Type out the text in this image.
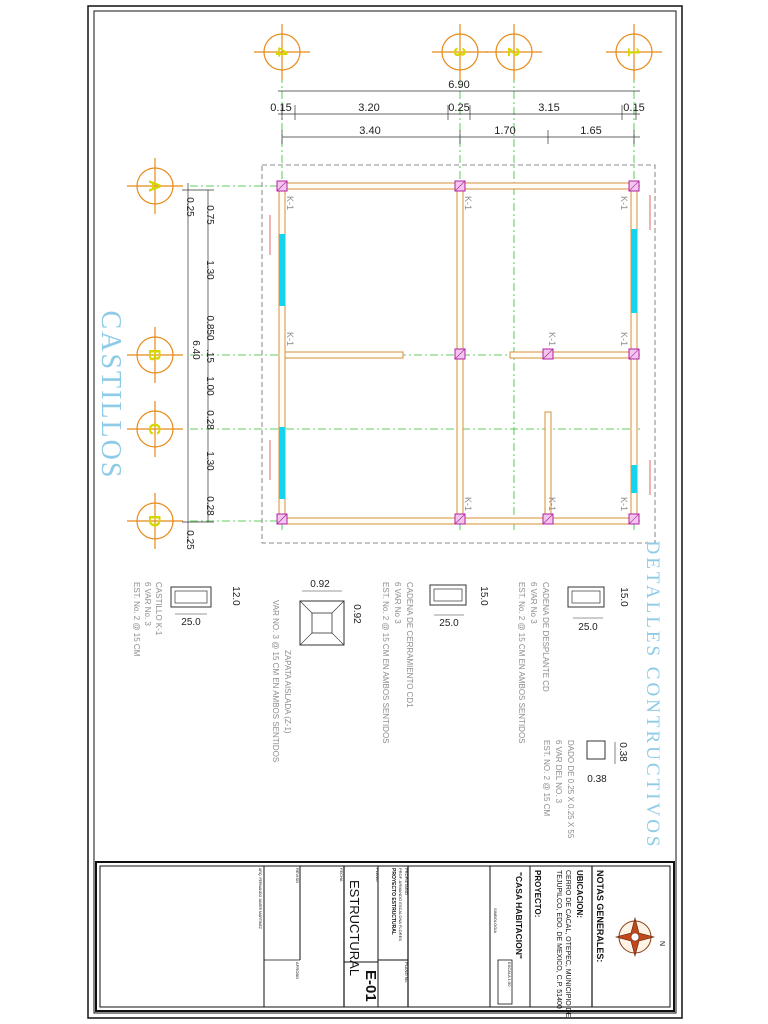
K-1	K-1	K-1
K-1	K-1	K-1
K-1	K-1	K-1
4	3 2	1
A
B
C
D
6.90
0.15	3.20	0.25	3.15	0.15
3.40	1.70	1.65
0.25
6.40
0.25
0.75
1.30
0.850
.15
1.00
0.28
1.30
0.28
CASTILLOS
DETALLES CONTRUCTIVOS
25.0
15.0
CADENA DE DESPLANTE CD
6 VAR No 3
EST. No. 2 @ 15 CM EN AMBOS SENTIDOS
25.0
15.0
CADENA DE CERRAMIENTO CD1
6 VAR No 3
EST. No. 2 @ 15 CM EN AMBOS SENTIDOS
0.92
0.92
ZAPATA AISLADA (Z-1)
VAR NO. 3 @ 15 CM EN AMBOS SENTIDOS
25.0
12.0
CASTILLO K-1
6 VAR No. 3
EST. No. 2 @ 15 CM
0.38
0.38
DADO DE 0.25 X 0.25 X 55
6 VAR DEL NO. 3
EST. NO. 2 @ 15 CM
N
NOTAS GENERALES:
UBICACION:
CERRO DE CACAL, OTEPEC, MUNICIPIO DE
TEJUPILCO, EDO. DE MEXICO, C.P. 51400
PROYECTO:
"CASA HABITACION"
SIMBOLOGIA
ESCALA 1:50
PROPIETARIO
PROF. ARMANDO ESCALONA FLORES
PROYECTO ESTRUCTURAL
PLANO No.
E-01
PLANO
ESTRUCTURAL
FECHA
REVISO
APROBO
ARQ. FERNANDO JAVIER MARTINEZ
